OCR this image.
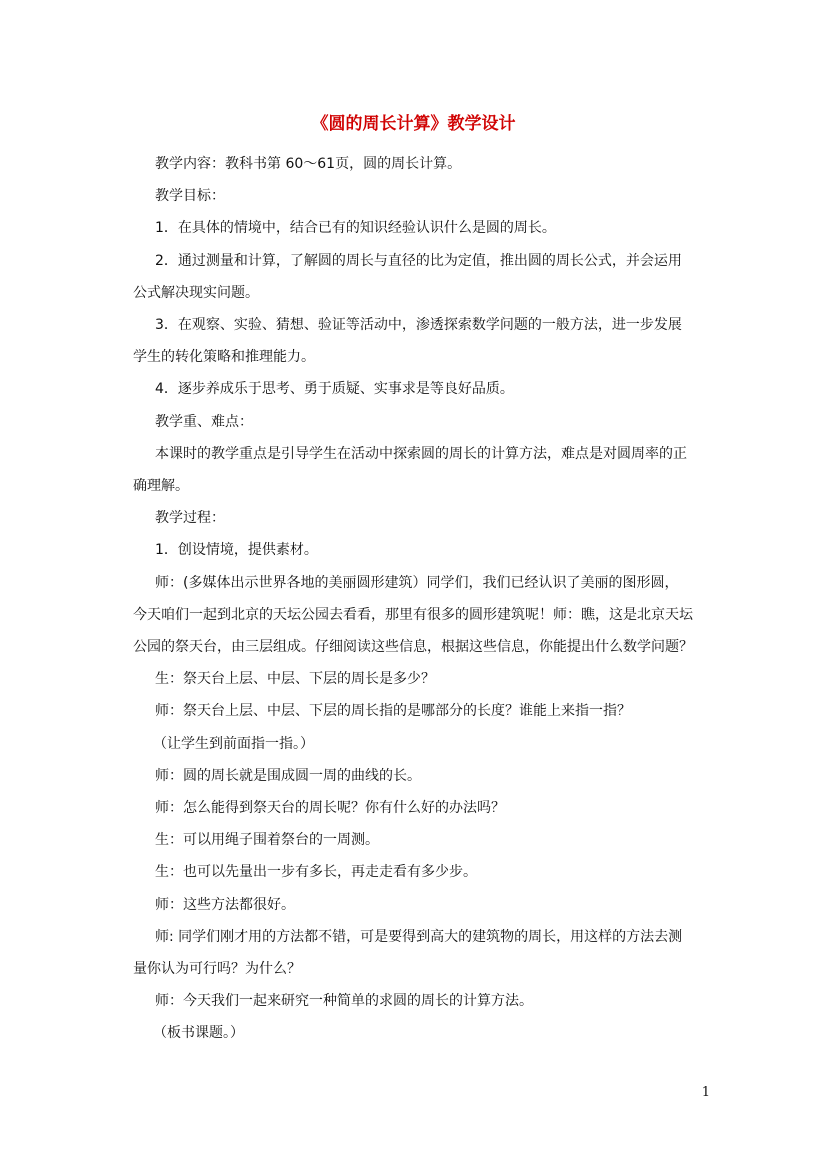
《圆的周长计算》教学设计

教学内容：教科书第 60～61页，圆的周长计算。

教学目标：

1．在具体的情境中，结合已有的知识经验认识什么是圆的周长。

2．通过测量和计算，了解圆的周长与直径的比为定值，推出圆的周长公式，并会运用

公式解决现实问题。

3．在观察、实验、猜想、验证等活动中，渗透探索数学问题的一般方法，进一步发展

学生的转化策略和推理能力。

4．逐步养成乐于思考、勇于质疑、实事求是等良好品质。

教学重、难点：

本课时的教学重点是引导学生在活动中探索圆的周长的计算方法，难点是对圆周率的正

确理解。

教学过程：

1．创设情境，提供素材。

师：(多媒体出示世界各地的美丽圆形建筑）同学们，我们已经认识了美丽的图形圆，

今天咱们一起到北京的天坛公园去看看，那里有很多的圆形建筑呢！师：瞧，这是北京天坛

公园的祭天台，由三层组成。仔细阅读这些信息，根据这些信息，你能提出什么数学问题？

生：祭天台上层、中层、下层的周长是多少？

师：祭天台上层、中层、下层的周长指的是哪部分的长度？谁能上来指一指？

（让学生到前面指一指。）

师：圆的周长就是围成圆一周的曲线的长。

师：怎么能得到祭天台的周长呢？你有什么好的办法吗？

生：可以用绳子围着祭台的一周测。

生：也可以先量出一步有多长，再走走看有多少步。

师：这些方法都很好。

师: 同学们刚才用的方法都不错，可是要得到高大的建筑物的周长，用这样的方法去测

量你认为可行吗？为什么？

师：今天我们一起来研究一种简单的求圆的周长的计算方法。

（板书课题。）

1
